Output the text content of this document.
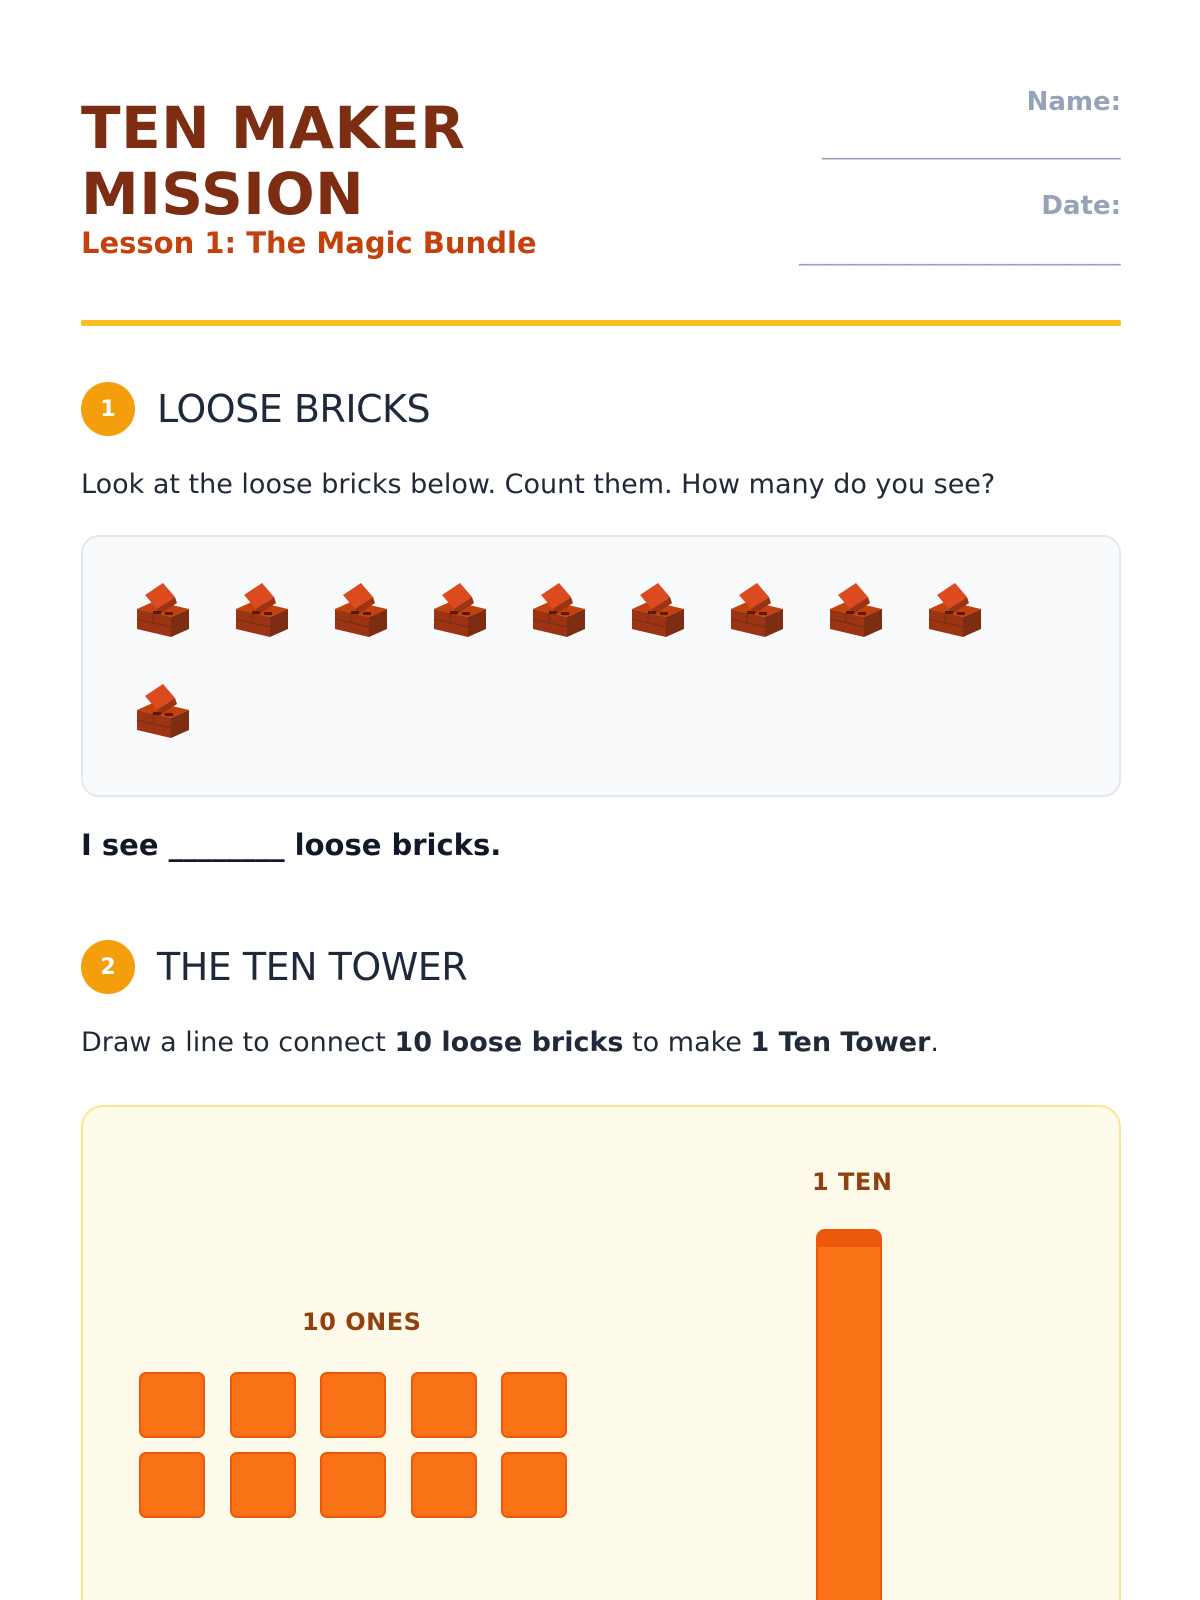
TEN MAKER
MISSION
Lesson 1: The Magic Bundle
Name:
__________________________
Date:
____________________________
1	LOOSE BRICKS
Look at the loose bricks below. Count them. How many do you see?
I see ________ loose bricks.
2	THE TEN TOWER
Draw a line to connect 10 loose bricks to make 1 Ten Tower.
10 ONES
1 TEN
